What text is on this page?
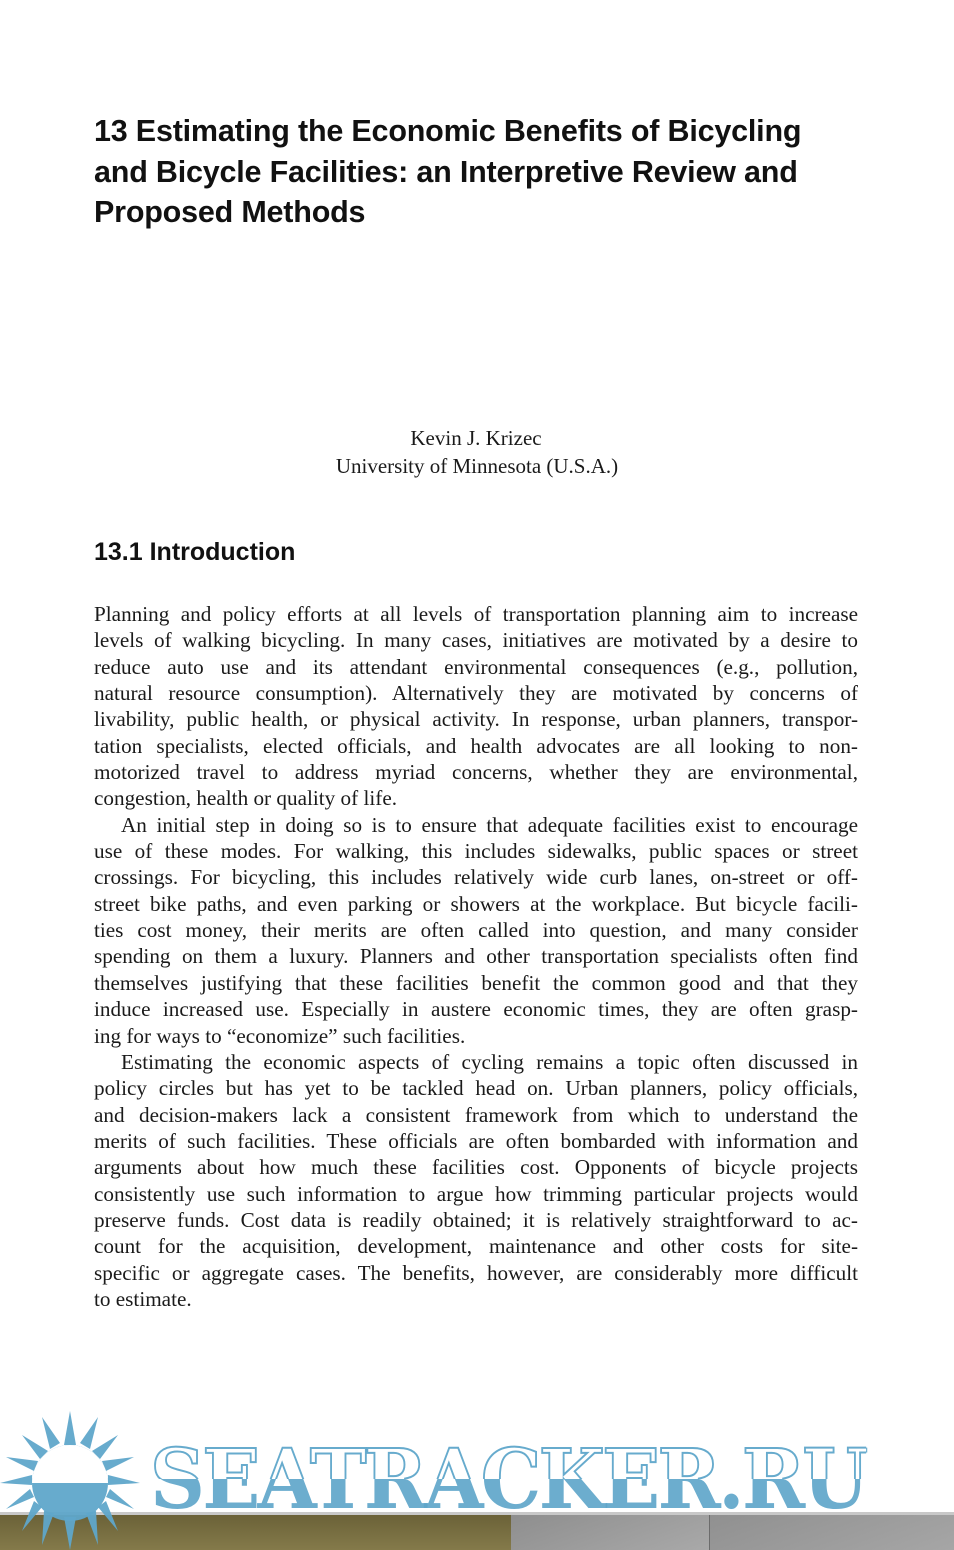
13 Estimating the Economic Benefits of Bicycling
and Bicycle Facilities: an Interpretive Review and
Proposed Methods
Kevin J. Krizec
University of Minnesota (U.S.A.)
13.1 Introduction
Planning and policy efforts at all levels of transportation planning aim to increase
levels of walking bicycling. In many cases, initiatives are motivated by a desire to
reduce auto use and its attendant environmental consequences (e.g., pollution,
natural resource consumption). Alternatively they are motivated by concerns of
livability, public health, or physical activity. In response, urban planners, transpor-
tation specialists, elected officials, and health advocates are all looking to non-
motorized travel to address myriad concerns, whether they are environmental,
congestion, health or quality of life.
An initial step in doing so is to ensure that adequate facilities exist to encourage
use of these modes. For walking, this includes sidewalks, public spaces or street
crossings. For bicycling, this includes relatively wide curb lanes, on-street or off-
street bike paths, and even parking or showers at the workplace. But bicycle facili-
ties cost money, their merits are often called into question, and many consider
spending on them a luxury. Planners and other transportation specialists often find
themselves justifying that these facilities benefit the common good and that they
induce increased use. Especially in austere economic times, they are often grasp-
ing for ways to “economize” such facilities.
Estimating the economic aspects of cycling remains a topic often discussed in
policy circles but has yet to be tackled head on. Urban planners, policy officials,
and decision-makers lack a consistent framework from which to understand the
merits of such facilities. These officials are often bombarded with information and
arguments about how much these facilities cost. Opponents of bicycle projects
consistently use such information to argue how trimming particular projects would
preserve funds. Cost data is readily obtained; it is relatively straightforward to ac-
count for the acquisition, development, maintenance and other costs for site-
specific or aggregate cases. The benefits, however, are considerably more difficult
to estimate.
SEATRACKER.RU
